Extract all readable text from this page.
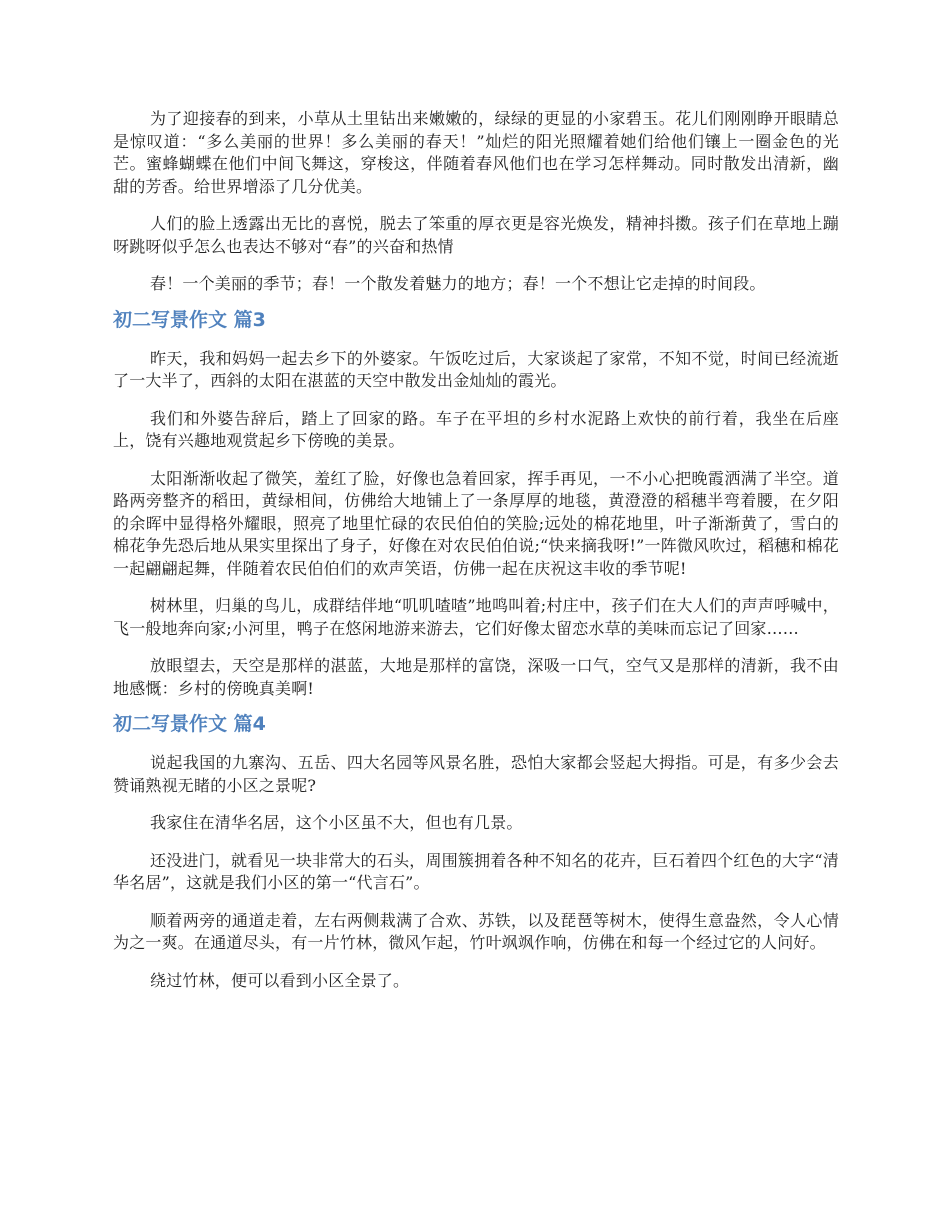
为了迎接春的到来，小草从土里钻出来嫩嫩的，绿绿的更显的小家碧玉。花儿们刚刚睁开眼睛总是惊叹道：“多么美丽的世界！多么美丽的春天！”灿烂的阳光照耀着她们给他们镶上一圈金色的光芒。蜜蜂蝴蝶在他们中间飞舞这，穿梭这，伴随着春风他们也在学习怎样舞动。同时散发出清新，幽甜的芳香。给世界增添了几分优美。

人们的脸上透露出无比的喜悦，脱去了笨重的厚衣更是容光焕发，精神抖擞。孩子们在草地上蹦呀跳呀似乎怎么也表达不够对“春”的兴奋和热情

春！一个美丽的季节；春！一个散发着魅力的地方；春！一个不想让它走掉的时间段。

初二写景作文 篇3

昨天，我和妈妈一起去乡下的外婆家。午饭吃过后，大家谈起了家常，不知不觉，时间已经流逝了一大半了，西斜的太阳在湛蓝的天空中散发出金灿灿的霞光。

我们和外婆告辞后，踏上了回家的路。车子在平坦的乡村水泥路上欢快的前行着，我坐在后座上，饶有兴趣地观赏起乡下傍晚的美景。

太阳渐渐收起了微笑，羞红了脸，好像也急着回家，挥手再见，一不小心把晚霞洒满了半空。道路两旁整齐的稻田，黄绿相间，仿佛给大地铺上了一条厚厚的地毯，黄澄澄的稻穗半弯着腰，在夕阳的余晖中显得格外耀眼，照亮了地里忙碌的农民伯伯的笑脸;远处的棉花地里，叶子渐渐黄了，雪白的棉花争先恐后地从果实里探出了身子，好像在对农民伯伯说;“快来摘我呀!”一阵微风吹过，稻穗和棉花一起翩翩起舞，伴随着农民伯伯们的欢声笑语，仿佛一起在庆祝这丰收的季节呢!

树林里，归巢的鸟儿，成群结伴地“叽叽喳喳”地鸣叫着;村庄中，孩子们在大人们的声声呼喊中，飞一般地奔向家;小河里，鸭子在悠闲地游来游去，它们好像太留恋水草的美味而忘记了回家……

放眼望去，天空是那样的湛蓝，大地是那样的富饶，深吸一口气，空气又是那样的清新，我不由地感慨：乡村的傍晚真美啊!

初二写景作文 篇4

说起我国的九寨沟、五岳、四大名园等风景名胜，恐怕大家都会竖起大拇指。可是，有多少会去赞诵熟视无睹的小区之景呢?

我家住在清华名居，这个小区虽不大，但也有几景。

还没进门，就看见一块非常大的石头，周围簇拥着各种不知名的花卉，巨石着四个红色的大字“清华名居”，这就是我们小区的第一“代言石”。

顺着两旁的通道走着，左右两侧栽满了合欢、苏铁，以及琵琶等树木，使得生意盎然，令人心情为之一爽。在通道尽头，有一片竹林，微风乍起，竹叶飒飒作响，仿佛在和每一个经过它的人问好。

绕过竹林，便可以看到小区全景了。
